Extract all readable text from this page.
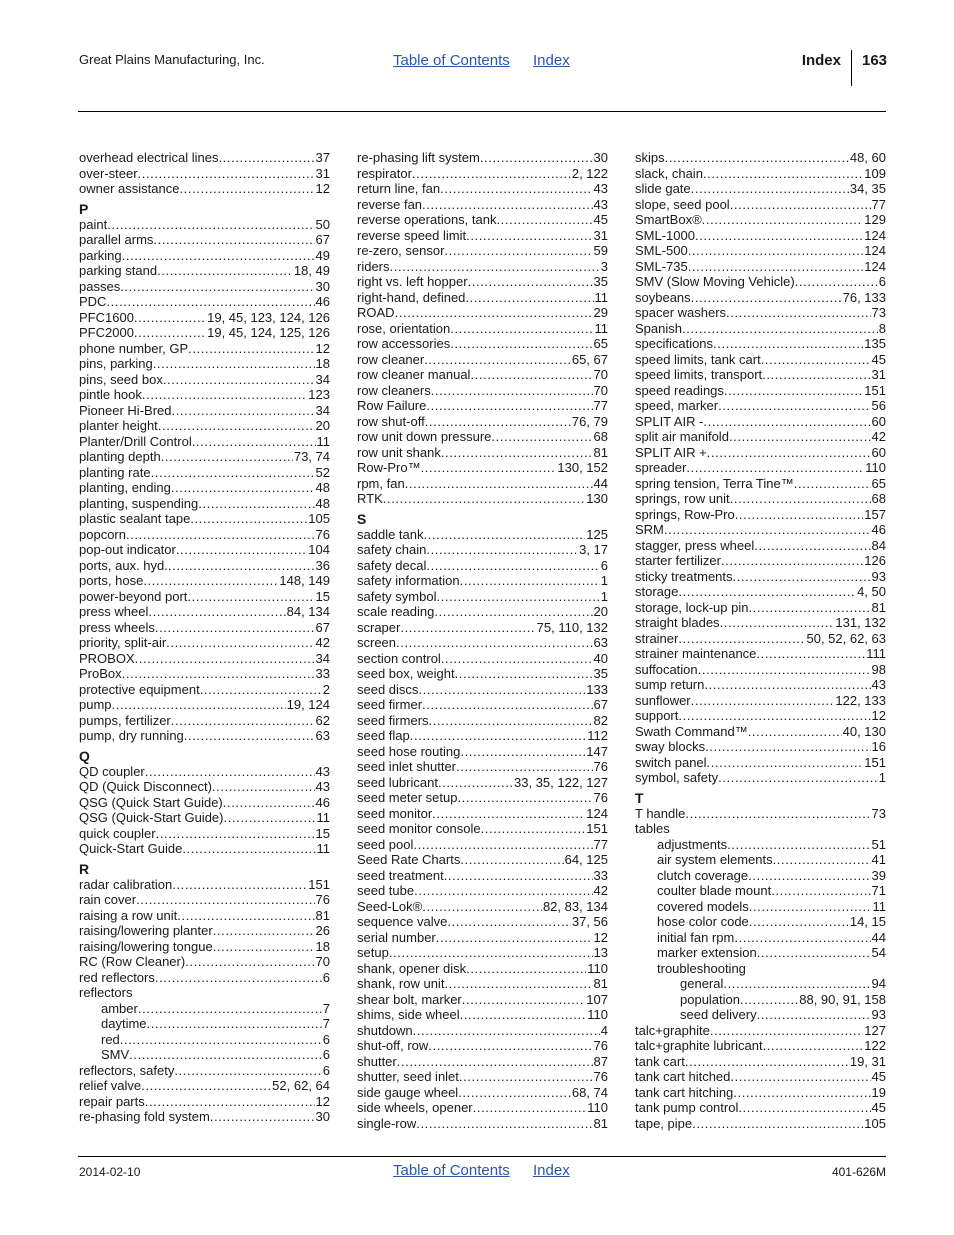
Great Plains Manufacturing, Inc.	Table of Contents Index	Index 163
overhead electrical lines .....	37
over-steer .....	31
owner assistance .....	12
P
paint .....	50
parallel arms .....	67
parking .....	49
parking stand .....	18, 49
passes .....	30
PDC .....	46
PFC1600 .....	19, 45, 123, 124, 126
PFC2000 .....	19, 45, 124, 125, 126
phone number, GP .....	12
pins, parking .....	18
pins, seed box .....	34
pintle hook .....	123
Pioneer Hi-Bred .....	34
planter height .....	20
Planter/Drill Control .....	11
planting depth .....	73, 74
planting rate .....	52
planting, ending .....	48
planting, suspending .....	48
plastic sealant tape .....	105
popcorn .....	76
pop-out indicator .....	104
ports, aux. hyd. .....	36
ports, hose .....	148, 149
power-beyond port .....	15
press wheel .....	84, 134
press wheels .....	67
priority, split-air .....	42
PROBOX .....	34
ProBox .....	33
protective equipment .....	2
pump .....	19, 124
pumps, fertilizer .....	62
pump, dry running .....	63
Q
QD coupler .....	43
QD (Quick Disconnect) .....	43
QSG (Quick Start Guide) .....	46
QSG (Quick-Start Guide) .....	11
quick coupler .....	15
Quick-Start Guide .....	11
R
radar calibration .....	151
rain cover .....	76
raising a row unit .....	81
raising/lowering planter .....	26
raising/lowering tongue .....	18
RC (Row Cleaner) .....	70
red reflectors .....	6
reflectors
amber .....	7
daytime .....	7
red .....	6
SMV .....	6
reflectors, safety .....	6
relief valve .....	52, 62, 64
repair parts .....	12
re-phasing fold system .....	30
re-phasing lift system .....	30
respirator .....	2, 122
return line, fan .....	43
reverse fan .....	43
reverse operations, tank .....	45
reverse speed limit .....	31
re-zero, sensor .....	59
riders .....	3
right vs. left hopper .....	35
right-hand, defined .....	11
ROAD .....	29
rose, orientation .....	11
row accessories .....	65
row cleaner .....	65, 67
row cleaner manual .....	70
row cleaners .....	70
Row Failure .....	77
row shut-off .....	76, 79
row unit down pressure .....	68
row unit shank .....	81
Row-Pro™ .....	130, 152
rpm, fan .....	44
RTK .....	130
S
saddle tank .....	125
safety chain .....	3, 17
safety decal .....	6
safety information .....	1
safety symbol .....	1
scale reading .....	20
scraper .....	75, 110, 132
screen .....	63
section control .....	40
seed box, weight .....	35
seed discs .....	133
seed firmer .....	67
seed firmers .....	82
seed flap .....	112
seed hose routing .....	147
seed inlet shutter .....	76
seed lubricant .....	33, 35, 122, 127
seed meter setup .....	76
seed monitor .....	124
seed monitor console .....	151
seed pool .....	77
Seed Rate Charts .....	64, 125
seed treatment .....	33
seed tube .....	42
Seed-Lok® .....	82, 83, 134
sequence valve .....	37, 56
serial number .....	12
setup .....	13
shank, opener disk .....	110
shank, row unit .....	81
shear bolt, marker .....	107
shims, side wheel .....	110
shutdown .....	4
shut-off, row .....	76
shutter .....	87
shutter, seed inlet .....	76
side gauge wheel .....	68, 74
side wheels, opener .....	110
single-row .....	81
skips .....	48, 60
slack, chain .....	109
slide gate .....	34, 35
slope, seed pool .....	77
SmartBox® .....	129
SML-1000 .....	124
SML-500 .....	124
SML-735 .....	124
SMV (Slow Moving Vehicle) .....	6
soybeans .....	76, 133
spacer washers .....	73
Spanish .....	8
specifications .....	135
speed limits, tank cart .....	45
speed limits, transport .....	31
speed readings .....	151
speed, marker .....	56
SPLIT AIR - .....	60
split air manifold .....	42
SPLIT AIR + .....	60
spreader .....	110
spring tension, Terra Tine™ .....	65
springs, row unit .....	68
springs, Row-Pro .....	157
SRM .....	46
stagger, press wheel .....	84
starter fertilizer .....	126
sticky treatments .....	93
storage .....	4, 50
storage, lock-up pin .....	81
straight blades .....	131, 132
strainer .....	50, 52, 62, 63
strainer maintenance .....	111
suffocation .....	98
sump return .....	43
sunflower .....	122, 133
support .....	12
Swath Command™ .....	40, 130
sway blocks .....	16
switch panel .....	151
symbol, safety .....	1
T
T handle .....	73
tables
adjustments .....	51
air system elements .....	41
clutch coverage .....	39
coulter blade mount .....	71
covered models .....	11
hose color code .....	14, 15
initial fan rpm .....	44
marker extension .....	54
troubleshooting
general .....	94
population .....	88, 90, 91, 158
seed delivery .....	93
talc+graphite .....	127
talc+graphite lubricant .....	122
tank cart .....	19, 31
tank cart hitched .....	45
tank cart hitching .....	19
tank pump control .....	45
tape, pipe .....	105
2014-02-10	Table of Contents Index	401-626M
